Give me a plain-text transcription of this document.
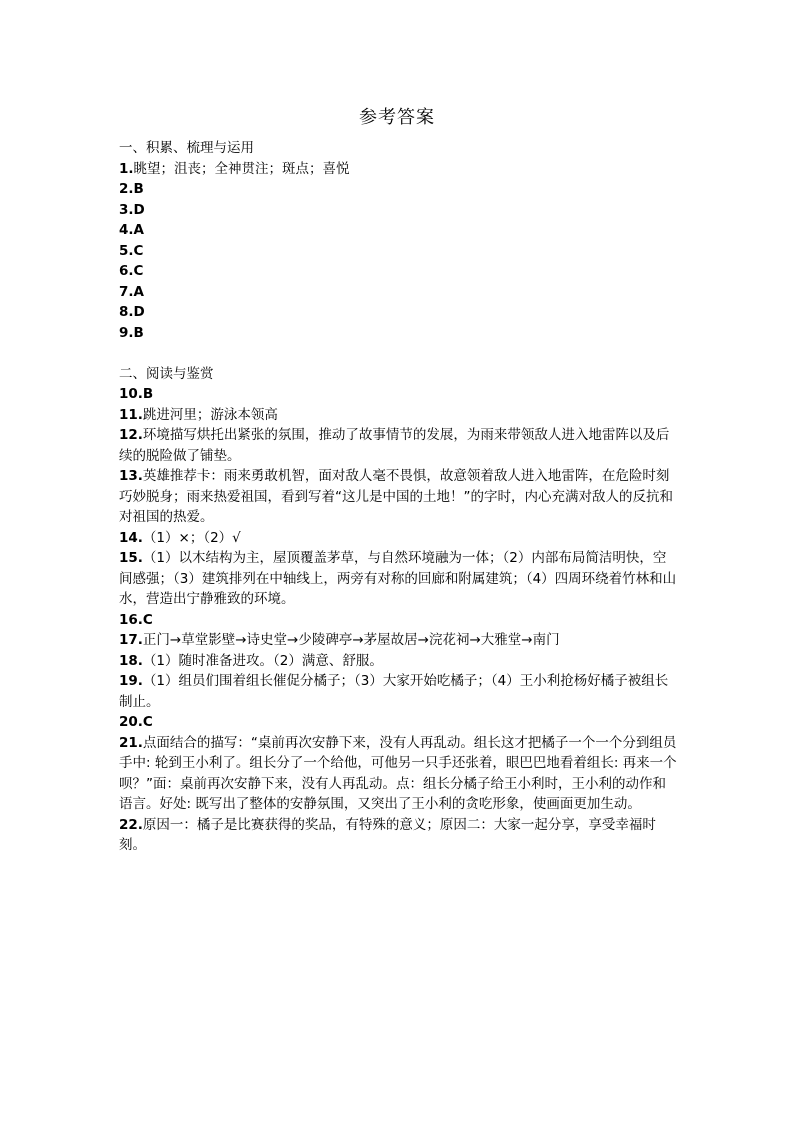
参考答案

一、积累、梳理与运用

1.眺望；沮丧；全神贯注；斑点；喜悦

2.B

3.D

4.A

5.C

6.C

7.A

8.D

9.B

二、阅读与鉴赏

10.B

11.跳进河里；游泳本领高

12.环境描写烘托出紧张的氛围，推动了故事情节的发展，为雨来带领敌人进入地雷阵以及后续的脱险做了铺垫。

13.英雄推荐卡：雨来勇敢机智，面对敌人毫不畏惧，故意领着敌人进入地雷阵，在危险时刻巧妙脱身；雨来热爱祖国，看到写着“这儿是中国的土地！”的字时，内心充满对敌人的反抗和对祖国的热爱。

14.（1）×；（2）√

15.（1）以木结构为主，屋顶覆盖茅草，与自然环境融为一体；（2）内部布局简洁明快，空间感强；（3）建筑排列在中轴线上，两旁有对称的回廊和附属建筑；（4）四周环绕着竹林和山水，营造出宁静雅致的环境。

16.C

17.正门→草堂影壁→诗史堂→少陵碑亭→茅屋故居→浣花祠→大雅堂→南门

18.（1）随时准备进攻。（2）满意、舒服。

19.（1）组员们围着组长催促分橘子；（3）大家开始吃橘子；（4）王小利抢杨好橘子被组长制止。

20.C

21.点面结合的描写：“桌前再次安静下来，没有人再乱动。组长这才把橘子一个一个分到组员手中: 轮到王小利了。组长分了一个给他，可他另一只手还张着，眼巴巴地看着组长: 再来一个呗？”面：桌前再次安静下来，没有人再乱动。点：组长分橘子给王小利时，王小利的动作和语言。好处: 既写出了整体的安静氛围，又突出了王小利的贪吃形象，使画面更加生动。

22.原因一：橘子是比赛获得的奖品，有特殊的意义；原因二：大家一起分享，享受幸福时刻。
